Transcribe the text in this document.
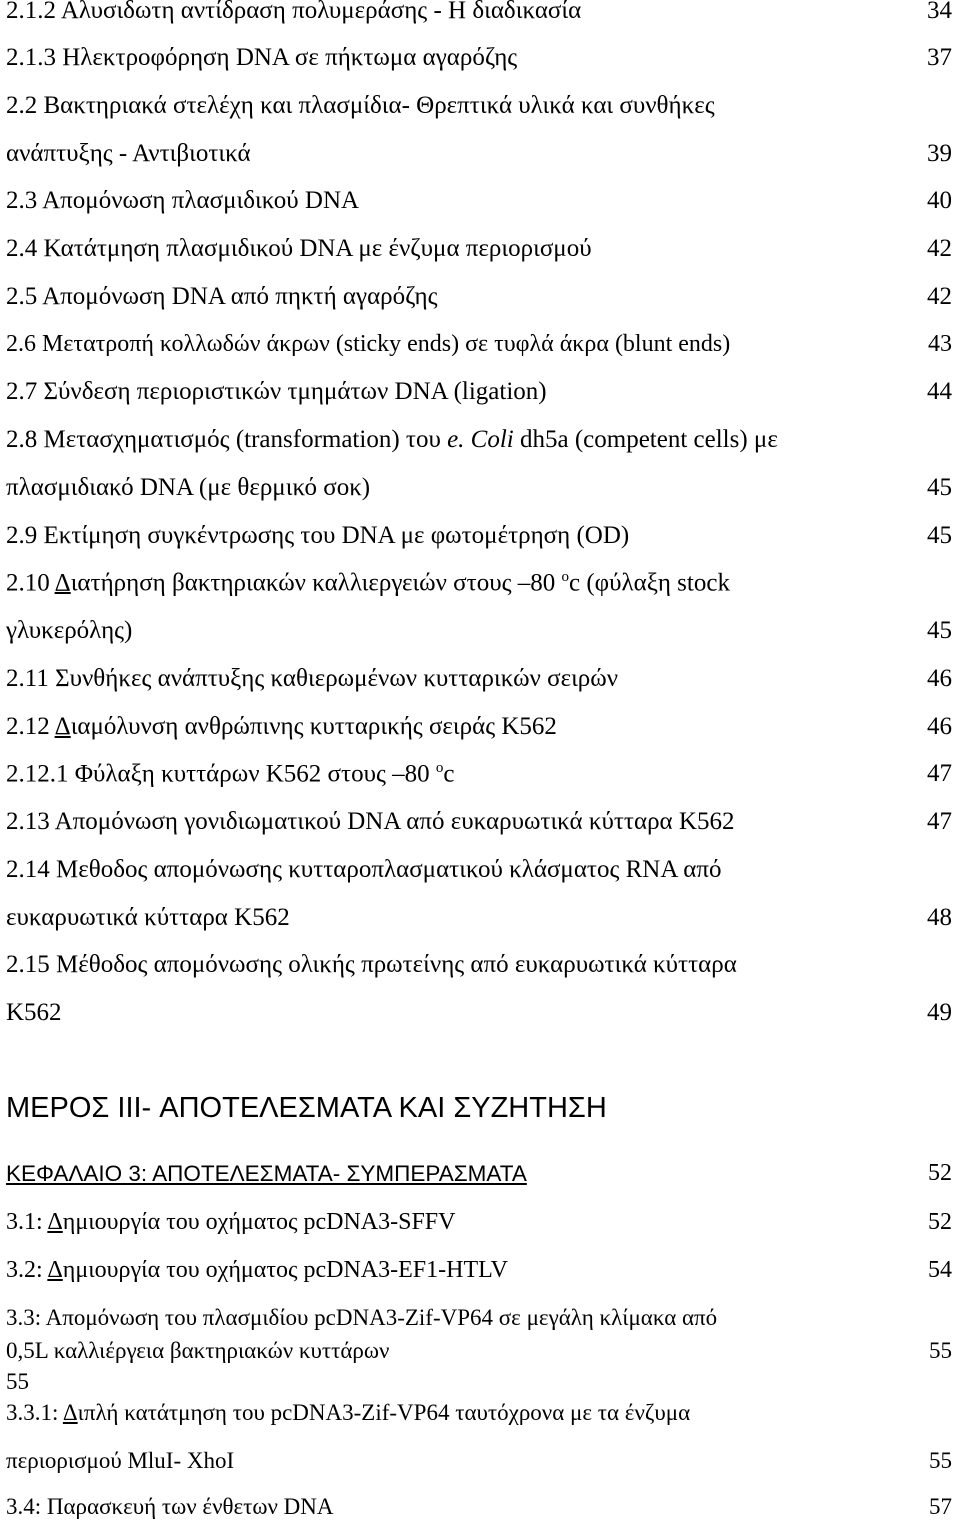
2.1.2 Αλυσιδωτη αντίδραση πολυμεράσης - Η διαδικασία	34
2.1.3 Ηλεκτροφόρηση DNA σε πήκτωμα αγαρόζης	37
2.2 Βακτηριακά στελέχη και πλασμίδια- Θρεπτικά υλικά και συνθήκες
ανάπτυξης - Αντιβιοτικά	39
2.3 Απομόνωση πλασμιδικού DNA	40
2.4 Κατάτμηση πλασμιδικού DNA με ένζυμα περιορισμού	42
2.5 Απομόνωση DNA από πηκτή αγαρόζης	42
2.6 Μετατροπή κολλωδών άκρων (sticky ends) σε τυφλά άκρα (blunt ends)	43
2.7 Σύνδεση περιοριστικών τμημάτων DNA (ligation)	44
2.8 Μετασχηματισμός (transformation) του e. Coli dh5a (competent cells) με
πλασμιδιακό DNA (με θερμικό σοκ)	45
2.9 Εκτίμηση συγκέντρωσης του DNA με φωτομέτρηση (OD)	45
2.10 Διατήρηση βακτηριακών καλλιεργειών στους –80 $^o$c (φύλαξη stock
γλυκερόλης)	45
2.11 Συνθήκες ανάπτυξης καθιερωμένων κυτταρικών σειρών	46
2.12 Διαμόλυνση ανθρώπινης κυτταρικής σειράς K562	46
2.12.1 Φύλαξη κυττάρων K562 στους –80 $^o$c	47
2.13 Απομόνωση γονιδιωματικού DNA από ευκαρυωτικά κύτταρα K562	47
2.14 Μεθοδος απομόνωσης κυτταροπλασματικού κλάσματος RNA από
ευκαρυωτικά κύτταρα K562	48
2.15 Μέθοδος απομόνωσης ολικής πρωτείνης από ευκαρυωτικά κύτταρα
K562	49
ΜΕΡΟΣ III- ΑΠΟΤΕΛΕΣΜΑΤΑ ΚΑΙ ΣΥΖΗΤΗΣΗ
ΚΕΦΑΛΑΙΟ 3: ΑΠΟΤΕΛΕΣΜΑΤΑ- ΣΥΜΠΕΡΑΣΜΑΤΑ	52
3.1: Δημιουργία του οχήματος pcDNA3-SFFV	52
3.2: Δημιουργία του οχήματος pcDNA3-EF1-HTLV	54
3.3: Απομόνωση του πλασμιδίου pcDNA3-Zif-VP64 σε μεγάλη κλίμακα από
0,5L καλλιέργεια βακτηριακών κυττάρων	55
55
3.3.1: Διπλή κατάτμηση του pcDNA3-Zif-VP64 ταυτόχρονα με τα ένζυμα
περιορισμού MluI- XhoI	55
3.4: Παρασκευή των ένθετων DNA	57
